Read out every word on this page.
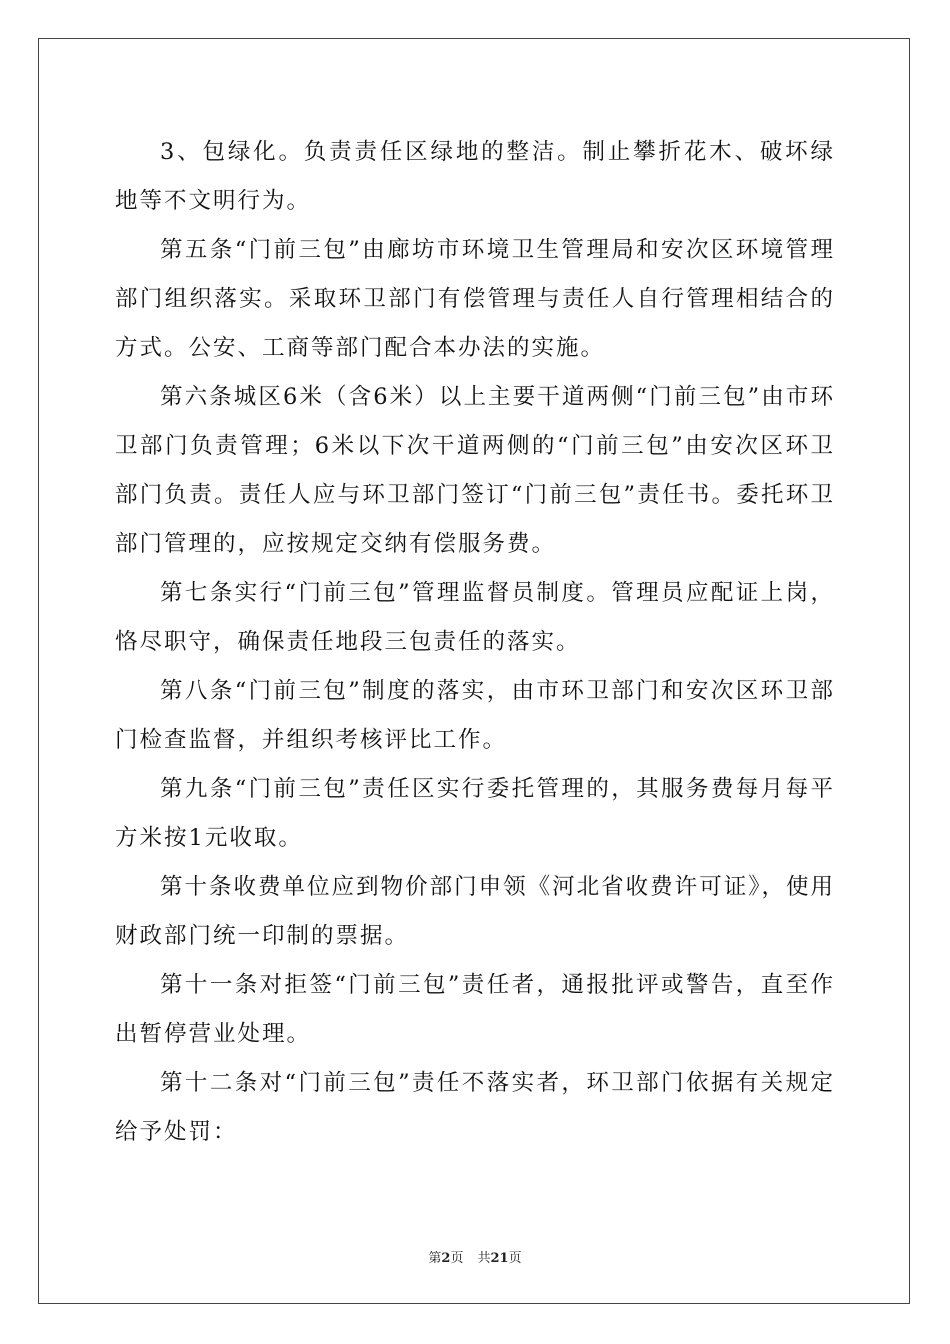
3、包绿化。负责责任区绿地的整洁。制止攀折花木、破坏绿地等不文明行为。

第五条“门前三包”由廊坊市环境卫生管理局和安次区环境管理部门组织落实。采取环卫部门有偿管理与责任人自行管理相结合的方式。公安、工商等部门配合本办法的实施。

第六条城区6米（含6米）以上主要干道两侧“门前三包”由市环卫部门负责管理；6米以下次干道两侧的“门前三包”由安次区环卫部门负责。责任人应与环卫部门签订“门前三包”责任书。委托环卫部门管理的，应按规定交纳有偿服务费。

第七条实行“门前三包”管理监督员制度。管理员应配证上岗，恪尽职守，确保责任地段三包责任的落实。

第八条“门前三包”制度的落实，由市环卫部门和安次区环卫部门检查监督，并组织考核评比工作。

第九条“门前三包”责任区实行委托管理的，其服务费每月每平方米按1元收取。

第十条收费单位应到物价部门申领《河北省收费许可证》，使用财政部门统一印制的票据。

第十一条对拒签“门前三包”责任者，通报批评或警告，直至作出暂停营业处理。

第十二条对“门前三包”责任不落实者，环卫部门依据有关规定给予处罚：

第2页 共21页
